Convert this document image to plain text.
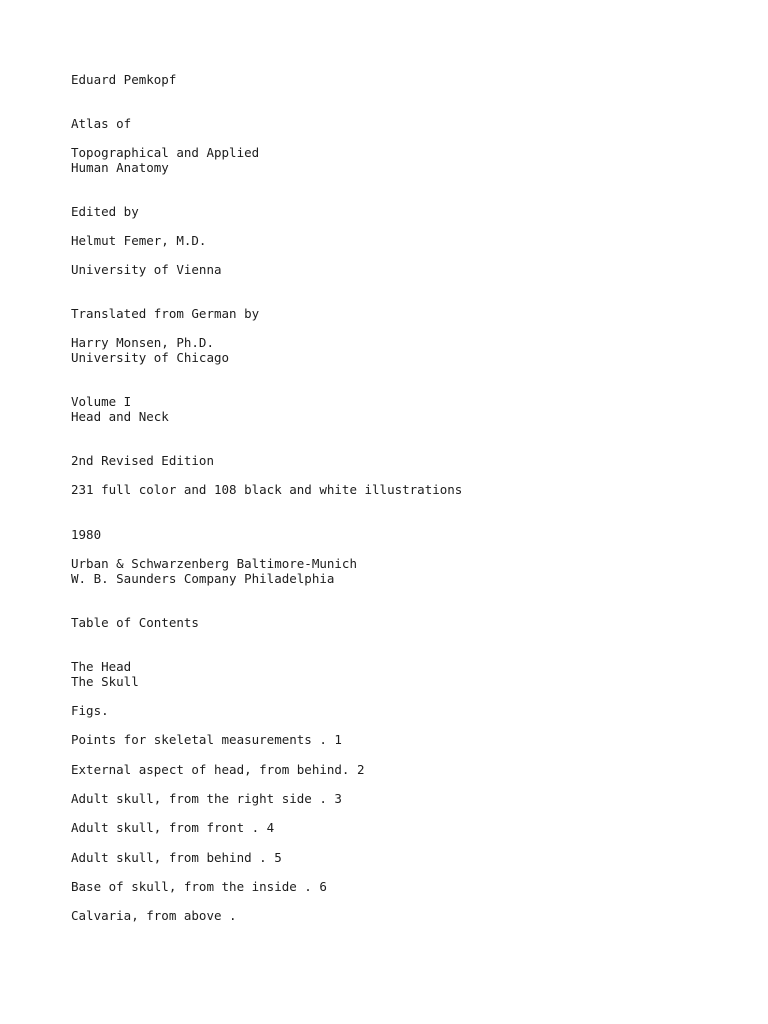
Eduard Pemkopf

Atlas of

Topographical and Applied

Human Anatomy

Edited by

Helmut Femer, M.D.

University of Vienna

Translated from German by

Harry Monsen, Ph.D.

University of Chicago

Volume I

Head and Neck

2nd Revised Edition

231 full color and 108 black and white illustrations

1980

Urban & Schwarzenberg Baltimore-Munich

W. B. Saunders Company Philadelphia

Table of Contents

The Head

The Skull

Figs.

Points for skeletal measurements . 1

External aspect of head, from behind. 2

Adult skull, from the right side . 3

Adult skull, from front . 4

Adult skull, from behind . 5

Base of skull, from the inside . 6

Calvaria, from above .
